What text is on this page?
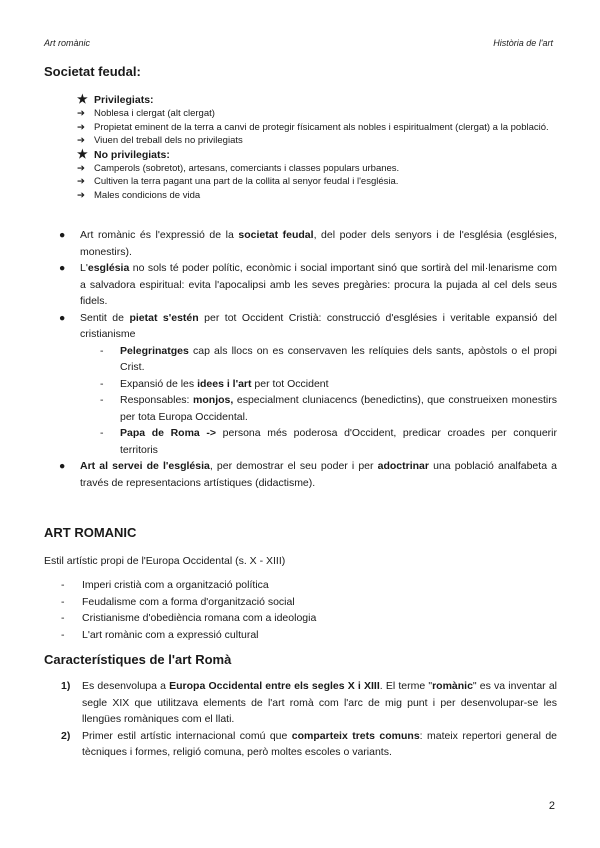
Art romànic	Història de l'art
Societat feudal:
★ Privilegiats:
➔ Noblesa i clergat (alt clergat)
➔ Propietat eminent de la terra a canvi de protegir físicament als nobles i espiritualment (clergat) a la població.
➔ Viuen del treball dels no privilegiats
★ No privilegiats:
➔ Camperols (sobretot), artesans, comerciants i classes populars urbanes.
➔ Cultiven la terra pagant una part de la collita al senyor feudal i l'església.
➔ Males condicions de vida
● Art romànic és l'expressió de la societat feudal, del poder dels senyors i de l'església (esglésies, monestirs).
● L'església no sols té poder polític, econòmic i social important sinó que sortirà del mil·lenarisme com a salvadora espiritual: evita l'apocalipsi amb les seves pregàries: procura la pujada al cel dels seus fidels.
● Sentit de pietat s'estén per tot Occident Cristià: construcció d'esglésies i veritable expansió del cristianisme
- Pelegrinatges cap als llocs on es conservaven les relíquies dels sants, apòstols o el propi Crist.
- Expansió de les idees i l'art per tot Occident
- Responsables: monjos, especialment cluniacencs (benedictins), que construeixen monestirs per tota Europa Occidental.
- Papa de Roma -> persona més poderosa d'Occident, predicar croades per conquerir territoris
● Art al servei de l'església, per demostrar el seu poder i per adoctrinar una població analfabeta a través de representacions artístiques (didactisme).
ART ROMANIC

Estil artístic propi de l'Europa Occidental (s. X - XIII)

- Imperi cristià com a organització política
- Feudalisme com a forma d'organització social
- Cristianisme d'obediència romana com a ideologia
- L'art romànic com a expressió cultural
Característiques de l'art Romà
1) Es desenvolupa a Europa Occidental entre els segles X i XIII. El terme "romànic" es va inventar al segle XIX que utilitzava elements de l'art romà com l'arc de mig punt i per desenvolupar-se les llengües romàniques com el llati.
2) Primer estil artístic internacional comú que comparteix trets comuns: mateix repertori general de tècniques i formes, religió comuna, però moltes escoles o variants.
2
